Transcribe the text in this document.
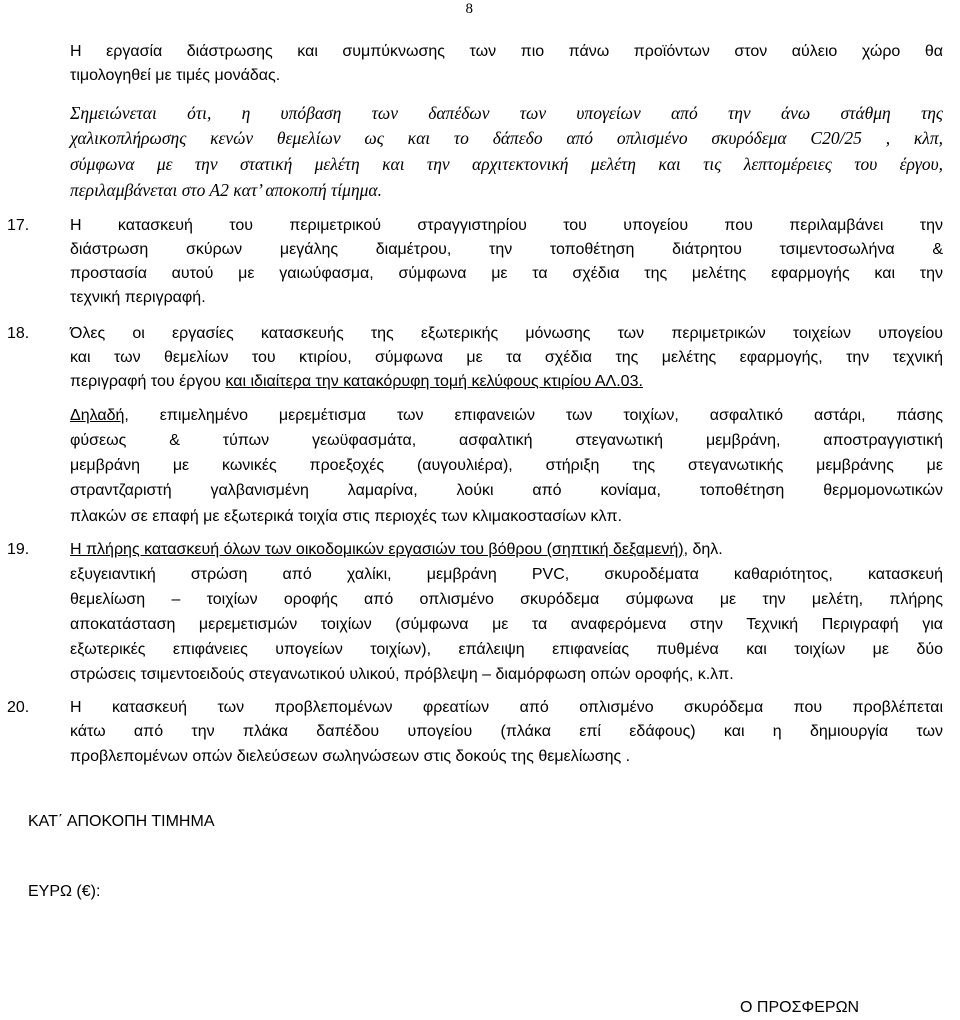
8
Η εργασία διάστρωσης και συμπύκνωσης των πιο πάνω προϊόντων στον αύλειο χώρο θα
τιμολογηθεί με τιμές μονάδας.
Σημειώνεται ότι, η υπόβαση των δαπέδων των υπογείων από την άνω στάθμη της
χαλικοπλήρωσης κενών θεμελίων ως και το δάπεδο από οπλισμένο σκυρόδεμα C20/25 , κλπ,
σύμφωνα με την στατική μελέτη και την αρχιτεκτονική μελέτη και τις λεπτομέρειες του έργου,
περιλαμβάνεται στο Α2 κατ’ αποκοπή τίμημα.
17.	Η κατασκευή του περιμετρικού στραγγιστηρίου του υπογείου που περιλαμβάνει την
διάστρωση σκύρων μεγάλης διαμέτρου, την τοποθέτηση διάτρητου τσιμεντοσωλήνα &
προστασία αυτού με γαιωύφασμα, σύμφωνα με τα σχέδια της μελέτης εφαρμογής και την
τεχνική περιγραφή.
18.	Όλες οι εργασίες κατασκευής της εξωτερικής μόνωσης των περιμετρικών τοιχείων υπογείου
και των θεμελίων του κτιρίου, σύμφωνα με τα σχέδια της μελέτης εφαρμογής, την τεχνική
περιγραφή του έργου και ιδιαίτερα την κατακόρυφη τομή κελύφους κτιρίου ΑΛ.03.
Δηλαδή, επιμελημένο μερεμέτισμα των επιφανειών των τοιχίων, ασφαλτικό αστάρι, πάσης
φύσεως & τύπων γεωϋφασμάτα, ασφαλτική στεγανωτική μεμβράνη, αποστραγγιστική
μεμβράνη με κωνικές προεξοχές (αυγουλιέρα), στήριξη της στεγανωτικής μεμβράνης με
στραντζαριστή γαλβανισμένη λαμαρίνα, λούκι από κονίαμα, τοποθέτηση θερμομονωτικών
πλακών σε επαφή με εξωτερικά τοιχία στις περιοχές των κλιμακοστασίων κλπ.
19.	Η πλήρης κατασκευή όλων των οικοδομικών εργασιών του βόθρου (σηπτική δεξαμενή), δηλ.
εξυγειαντική στρώση από χαλίκι, μεμβράνη PVC, σκυροδέματα καθαριότητος, κατασκευή
θεμελίωση – τοιχίων οροφής από οπλισμένο σκυρόδεμα σύμφωνα με την μελέτη, πλήρης
αποκατάσταση μερεμετισμών τοιχίων (σύμφωνα με τα αναφερόμενα στην Τεχνική Περιγραφή για
εξωτερικές επιφάνειες υπογείων τοιχίων), επάλειψη επιφανείας πυθμένα και τοιχίων με δύο
στρώσεις τσιμεντοειδούς στεγανωτικού υλικού, πρόβλεψη – διαμόρφωση οπών οροφής, κ.λπ.
20.	Η κατασκευή των προβλεπομένων φρεατίων από οπλισμένο σκυρόδεμα που προβλέπεται
κάτω από την πλάκα δαπέδου υπογείου (πλάκα επί εδάφους) και η δημιουργία των
προβλεπομένων οπών διελεύσεων σωληνώσεων στις δοκούς της θεμελίωσης .
ΚΑΤ΄ ΑΠΟΚΟΠΗ ΤΙΜΗΜΑ
ΕΥΡΩ (€):
Ο ΠΡΟΣΦΕΡΩΝ
